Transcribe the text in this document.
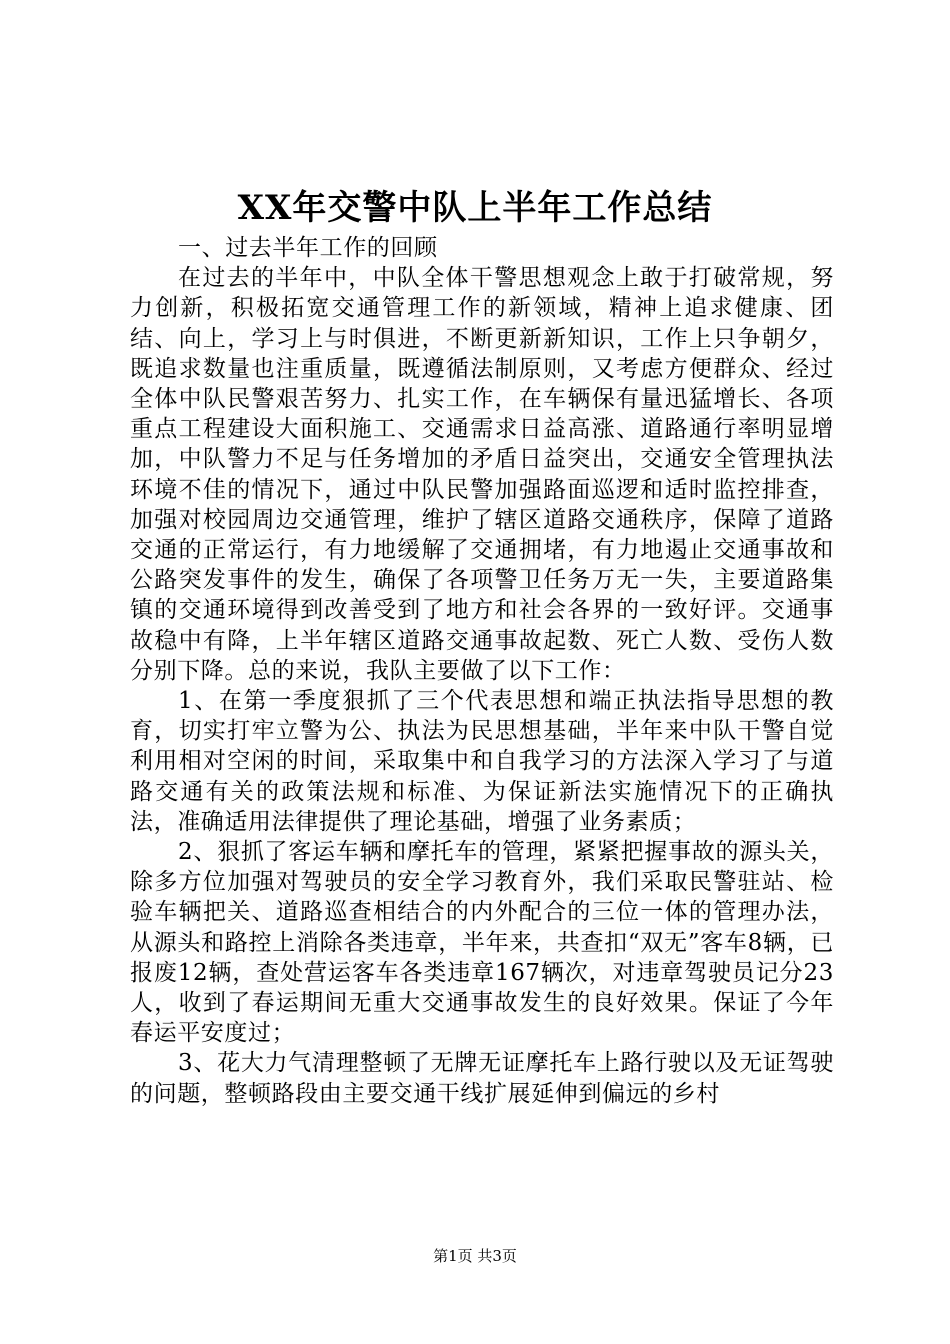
XX年交警中队上半年工作总结

一、过去半年工作的回顾

在过去的半年中，中队全体干警思想观念上敢于打破常规，努力创新，积极拓宽交通管理工作的新领域，精神上追求健康、团结、向上，学习上与时俱进，不断更新新知识，工作上只争朝夕，既追求数量也注重质量，既遵循法制原则，又考虑方便群众、经过全体中队民警艰苦努力、扎实工作，在车辆保有量迅猛增长、各项重点工程建设大面积施工、交通需求日益高涨、道路通行率明显增加，中队警力不足与任务增加的矛盾日益突出，交通安全管理执法环境不佳的情况下，通过中队民警加强路面巡逻和适时监控排查，加强对校园周边交通管理，维护了辖区道路交通秩序，保障了道路交通的正常运行，有力地缓解了交通拥堵，有力地遏止交通事故和公路突发事件的发生，确保了各项警卫任务万无一失，主要道路集镇的交通环境得到改善受到了地方和社会各界的一致好评。交通事故稳中有降，上半年辖区道路交通事故起数、死亡人数、受伤人数分别下降。总的来说，我队主要做了以下工作：

1、在第一季度狠抓了三个代表思想和端正执法指导思想的教育，切实打牢立警为公、执法为民思想基础，半年来中队干警自觉利用相对空闲的时间，采取集中和自我学习的方法深入学习了与道路交通有关的政策法规和标准、为保证新法实施情况下的正确执法，准确适用法律提供了理论基础，增强了业务素质；

2、狠抓了客运车辆和摩托车的管理，紧紧把握事故的源头关，除多方位加强对驾驶员的安全学习教育外，我们采取民警驻站、检验车辆把关、道路巡查相结合的内外配合的三位一体的管理办法，从源头和路控上消除各类违章，半年来，共查扣“双无”客车8辆，已报废12辆，查处营运客车各类违章167辆次，对违章驾驶员记分23人，收到了春运期间无重大交通事故发生的良好效果。保证了今年春运平安度过；

3、花大力气清理整顿了无牌无证摩托车上路行驶以及无证驾驶的问题，整顿路段由主要交通干线扩展延伸到偏远的乡村

第1页 共3页
